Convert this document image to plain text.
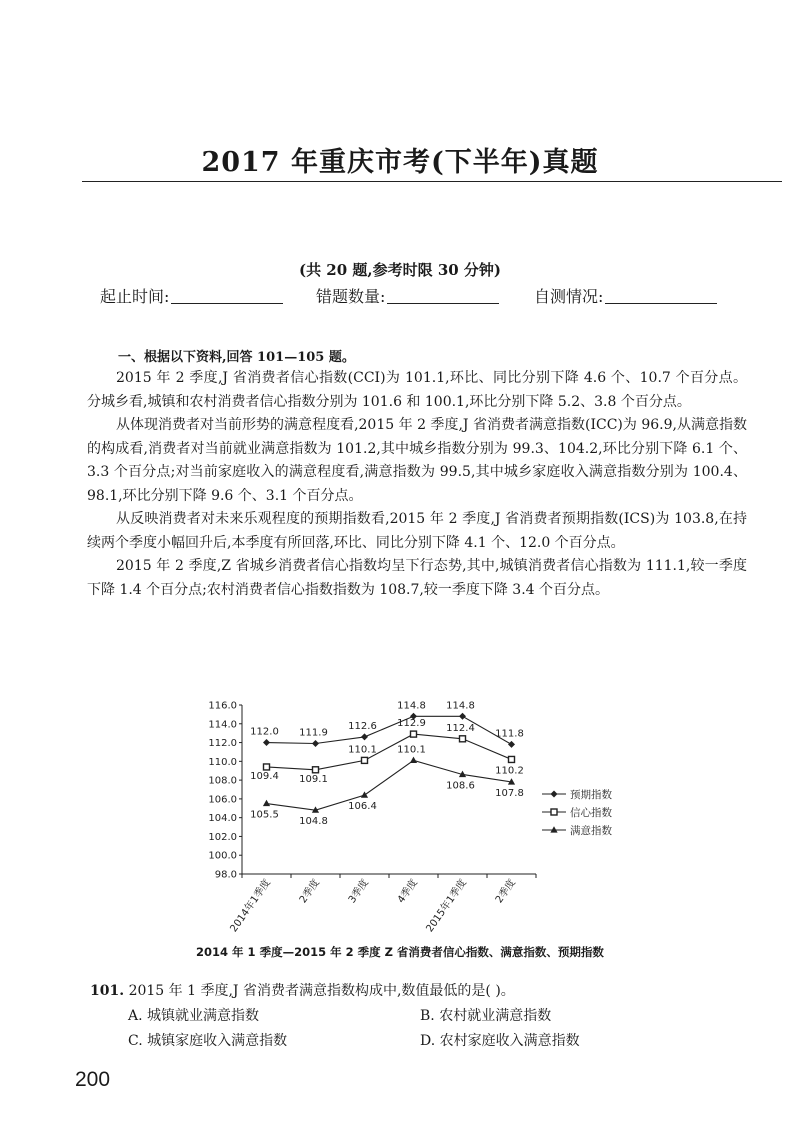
2017 年重庆市考(下半年)真题
(共 20 题,参考时限 30 分钟)
起止时间:	错题数量:	自测情况:
一、根据以下资料,回答 101—105 题。

2015 年 2 季度,J 省消费者信心指数(CCI)为 101.1,环比、同比分别下降 4.6 个、10.7 个百分点。分城乡看,城镇和农村消费者信心指数分别为 101.6 和 100.1,环比分别下降 5.2、3.8 个百分点。

从体现消费者对当前形势的满意程度看,2015 年 2 季度,J 省消费者满意指数(ICC)为 96.9,从满意指数的构成看,消费者对当前就业满意指数为 101.2,其中城乡指数分别为 99.3、104.2,环比分别下降 6.1 个、3.3 个百分点;对当前家庭收入的满意程度看,满意指数为 99.5,其中城乡家庭收入满意指数分别为 100.4、98.1,环比分别下降 9.6 个、3.1 个百分点。

从反映消费者对未来乐观程度的预期指数看,2015 年 2 季度,J 省消费者预期指数(ICS)为 103.8,在持续两个季度小幅回升后,本季度有所回落,环比、同比分别下降 4.1 个、12.0 个百分点。

2015 年 2 季度,Z 省城乡消费者信心指数均呈下行态势,其中,城镇消费者信心指数为 111.1,较一季度下降 1.4 个百分点;农村消费者信心指数指数为 108.7,较一季度下降 3.4 个百分点。

116.0
114.0
112.0
110.0
108.0
106.0
104.0
102.0
100.0
98.0
2014年1季度 2季度 3季度 4季度 2015年1季度 2季度
112.0 111.9
112.6
114.8 114.8
111.8
109.4 109.1
110.1
112.9 112.4
110.2
105.5
104.8
106.4
110.1
108.6
107.8	预期指数
信心指数
满意指数
2014 年 1 季度—2015 年 2 季度 Z 省消费者信心指数、满意指数、预期指数
101. 2015 年 1 季度,J 省消费者满意指数构成中,数值最低的是( )。
A. 城镇就业满意指数	B. 农村就业满意指数
C. 城镇家庭收入满意指数	D. 农村家庭收入满意指数
200
